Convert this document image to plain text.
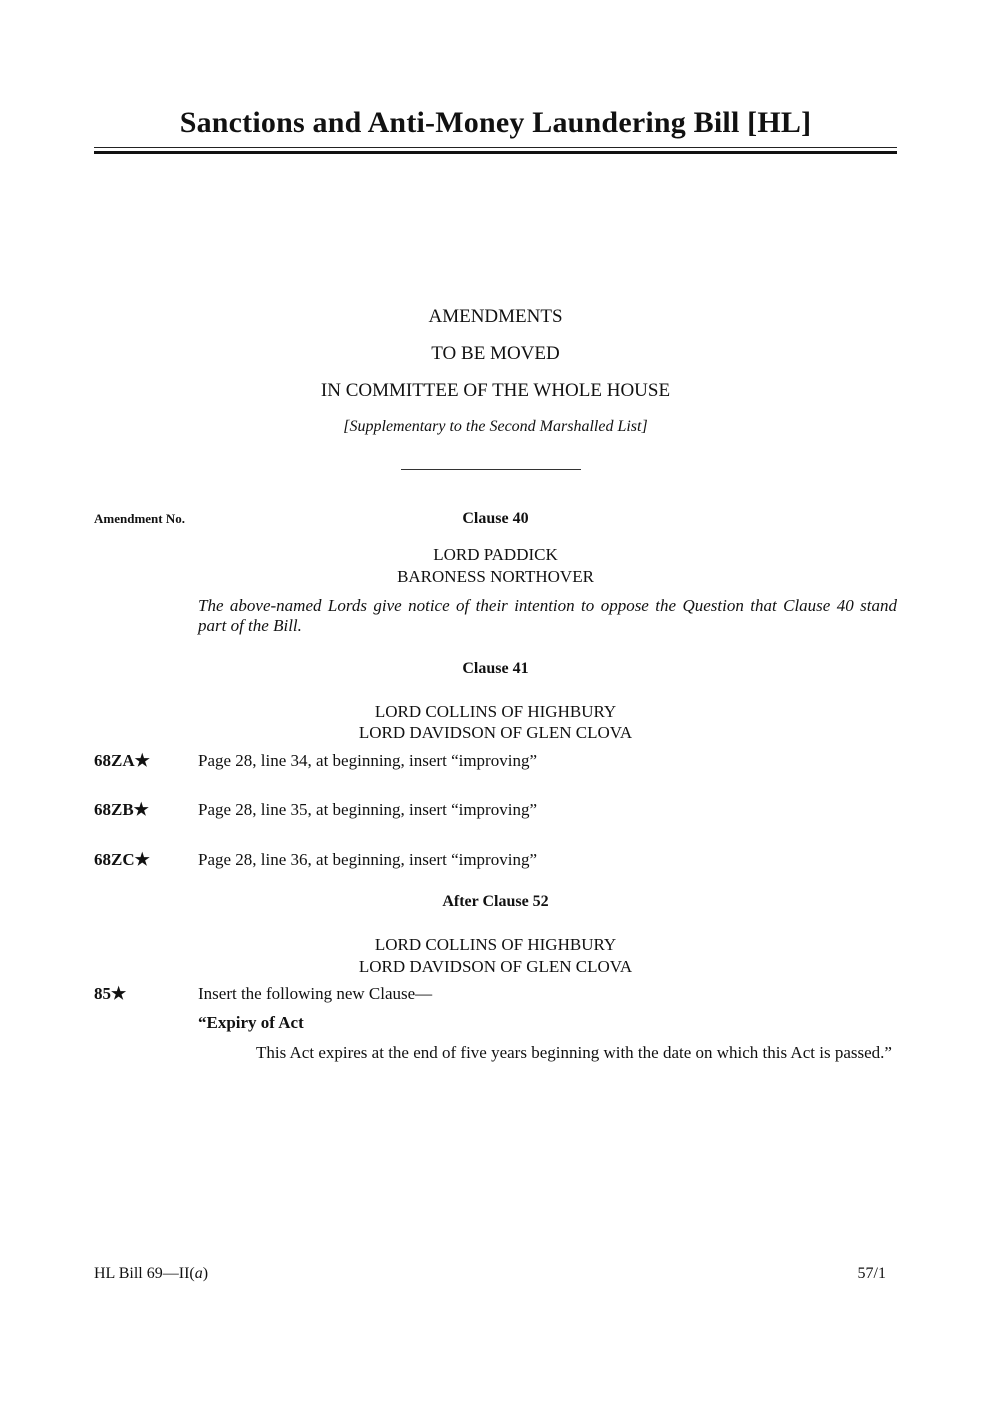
Sanctions and Anti-Money Laundering Bill [HL]
AMENDMENTS
TO BE MOVED
IN COMMITTEE OF THE WHOLE HOUSE
[Supplementary to the Second Marshalled List]
Amendment No.	Clause 40
LORD PADDICK
BARONESS NORTHOVER
The above-named Lords give notice of their intention to oppose the Question that Clause 40 stand part of the Bill.
Clause 41
LORD COLLINS OF HIGHBURY
LORD DAVIDSON OF GLEN CLOVA
68ZA★	Page 28, line 34, at beginning, insert “improving”
68ZB★	Page 28, line 35, at beginning, insert “improving”
68ZC★	Page 28, line 36, at beginning, insert “improving”
After Clause 52
LORD COLLINS OF HIGHBURY
LORD DAVIDSON OF GLEN CLOVA
85★	Insert the following new Clause—
“Expiry of Act
This Act expires at the end of five years beginning with the date on which this Act is passed.”
HL Bill 69—II(a)	57/1
